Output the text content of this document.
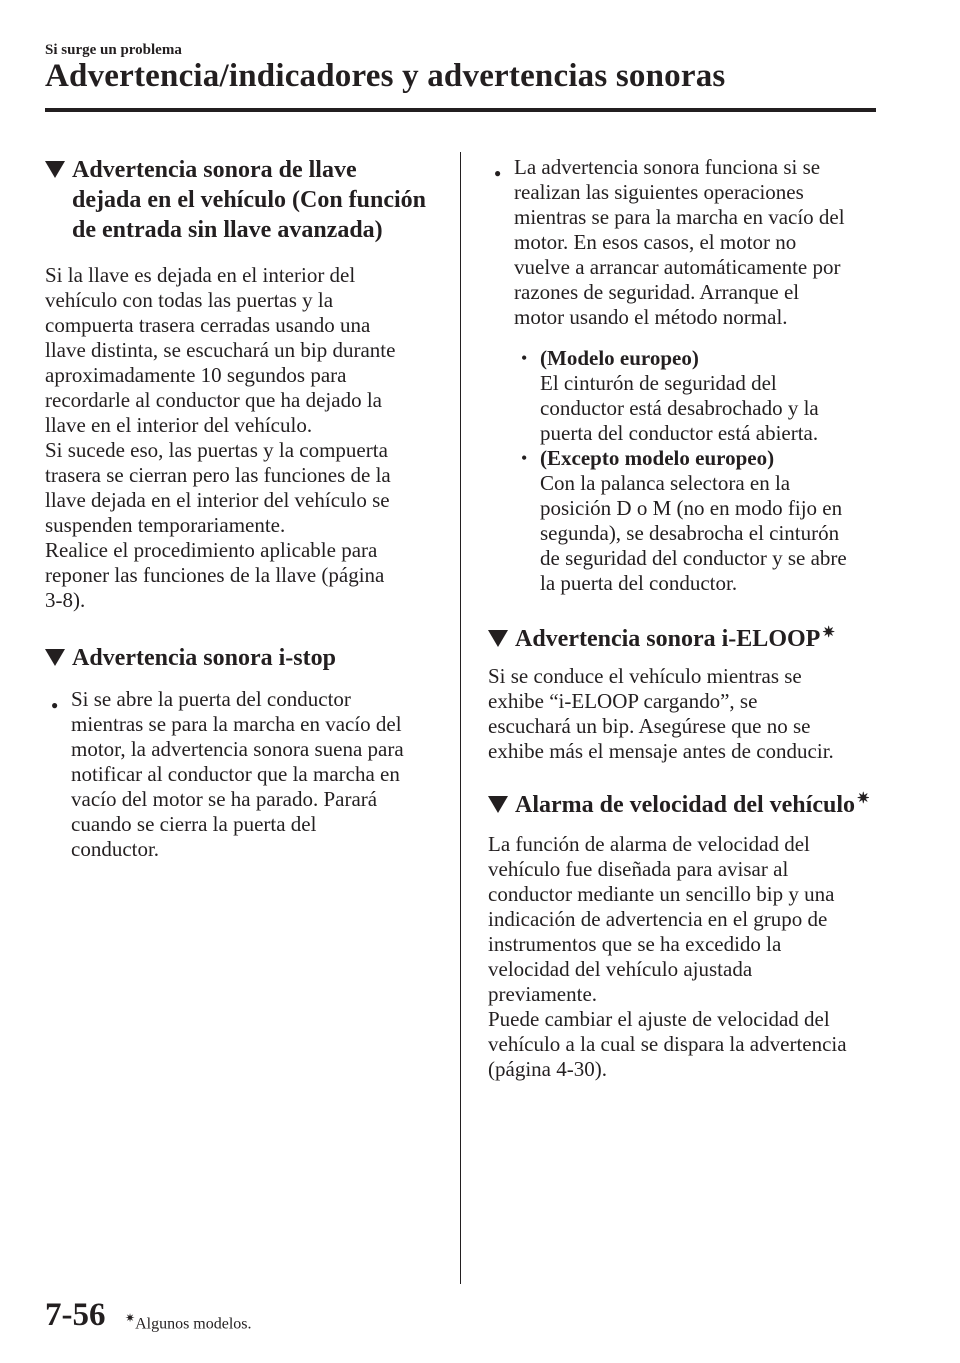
Si surge un problema
Advertencia/indicadores y advertencias sonoras
Advertencia sonora de llave
dejada en el vehículo (Con función
de entrada sin llave avanzada)

Si la llave es dejada en el interior del
vehículo con todas las puertas y la
compuerta trasera cerradas usando una
llave distinta, se escuchará un bip durante
aproximadamente 10 segundos para
recordarle al conductor que ha dejado la
llave en el interior del vehículo.

Si sucede eso, las puertas y la compuerta
trasera se cierran pero las funciones de la
llave dejada en el interior del vehículo se
suspenden temporariamente.

Realice el procedimiento aplicable para
reponer las funciones de la llave (página
3-8).

Advertencia sonora i-stop

● Si se abre la puerta del conductor
mientras se para la marcha en vacío del
motor, la advertencia sonora suena para
notificar al conductor que la marcha en
vacío del motor se ha parado. Parará
cuando se cierra la puerta del
conductor.

● La advertencia sonora funciona si se
realizan las siguientes operaciones
mientras se para la marcha en vacío del
motor. En esos casos, el motor no
vuelve a arrancar automáticamente por
razones de seguridad. Arranque el
motor usando el método normal.

• (Modelo europeo)
El cinturón de seguridad del
conductor está desabrochado y la
puerta del conductor está abierta.

• (Excepto modelo europeo)
Con la palanca selectora en la
posición D o M (no en modo fijo en
segunda), se desabrocha el cinturón
de seguridad del conductor y se abre
la puerta del conductor.

Advertencia sonora i-ELOOP ✷

Si se conduce el vehículo mientras se
exhibe “i-ELOOP cargando”, se
escuchará un bip. Asegúrese que no se
exhibe más el mensaje antes de conducir.

Alarma de velocidad del vehículo ✷

La función de alarma de velocidad del
vehículo fue diseñada para avisar al
conductor mediante un sencillo bip y una
indicación de advertencia en el grupo de
instrumentos que se ha excedido la
velocidad del vehículo ajustada
previamente.

Puede cambiar el ajuste de velocidad del
vehículo a la cual se dispara la advertencia
(página 4-30).

7-56 ✷Algunos modelos.
